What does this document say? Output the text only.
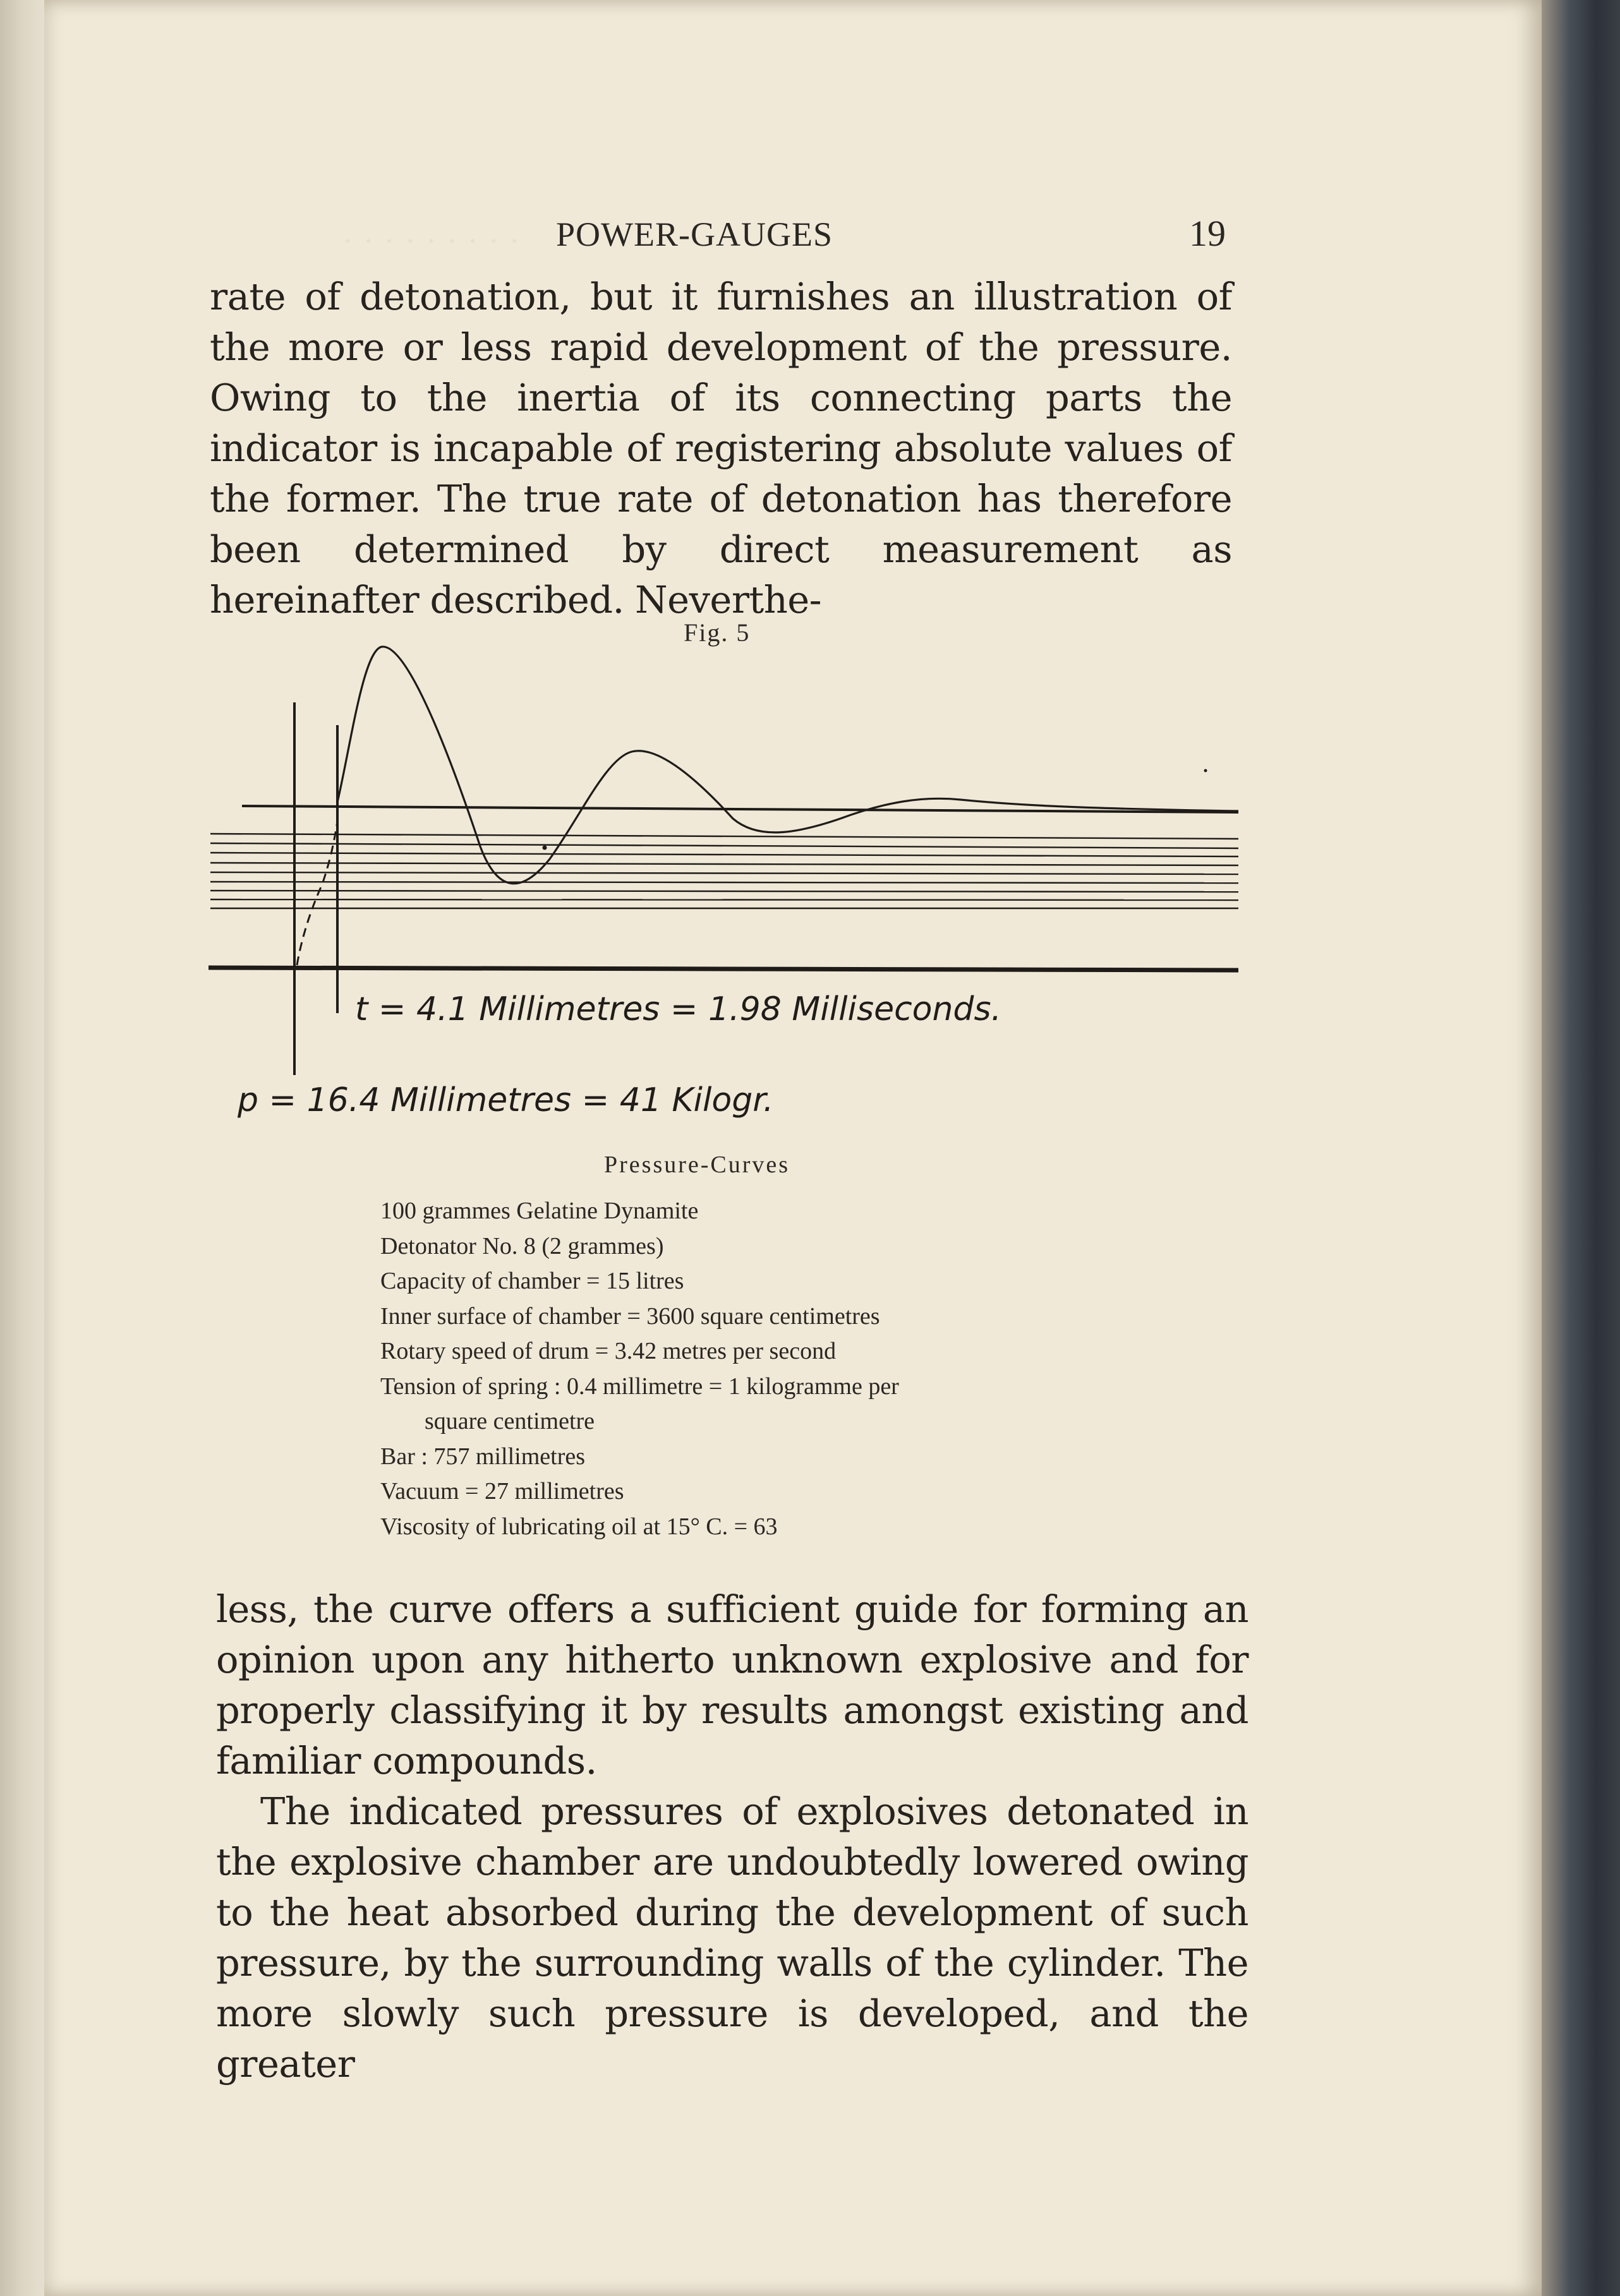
. . . . . . . . . POWER-GAUGES	19

rate of detonation, but it furnishes an illustration of the more or less rapid development of the pressure. Owing to the inertia of its connecting parts the indicator is incapable of registering absolute values of the former. The true rate of detonation has therefore been determined by direct measurement as hereinafter described. Neverthe-

Fig. 5
t = 4.1 Millimetres = 1.98 Milliseconds.
p = 16.4 Millimetres = 41 Kilogr.
Pressure-Curves
100 grammes Gelatine Dynamite
Detonator No. 8 (2 grammes)
Capacity of chamber = 15 litres
Inner surface of chamber = 3600 square centimetres
Rotary speed of drum = 3.42 metres per second
Tension of spring : 0.4 millimetre = 1 kilogramme per
square centimetre
Bar : 757 millimetres
Vacuum = 27 millimetres
Viscosity of lubricating oil at 15° C. = 63

less, the curve offers a sufficient guide for forming an opinion upon any hitherto unknown explosive and for properly classifying it by results amongst existing and familiar compounds.

The indicated pressures of explosives detonated in the explosive chamber are undoubtedly lowered owing to the heat absorbed during the development of such pressure, by the surrounding walls of the cylinder. The more slowly such pressure is developed, and the greater
